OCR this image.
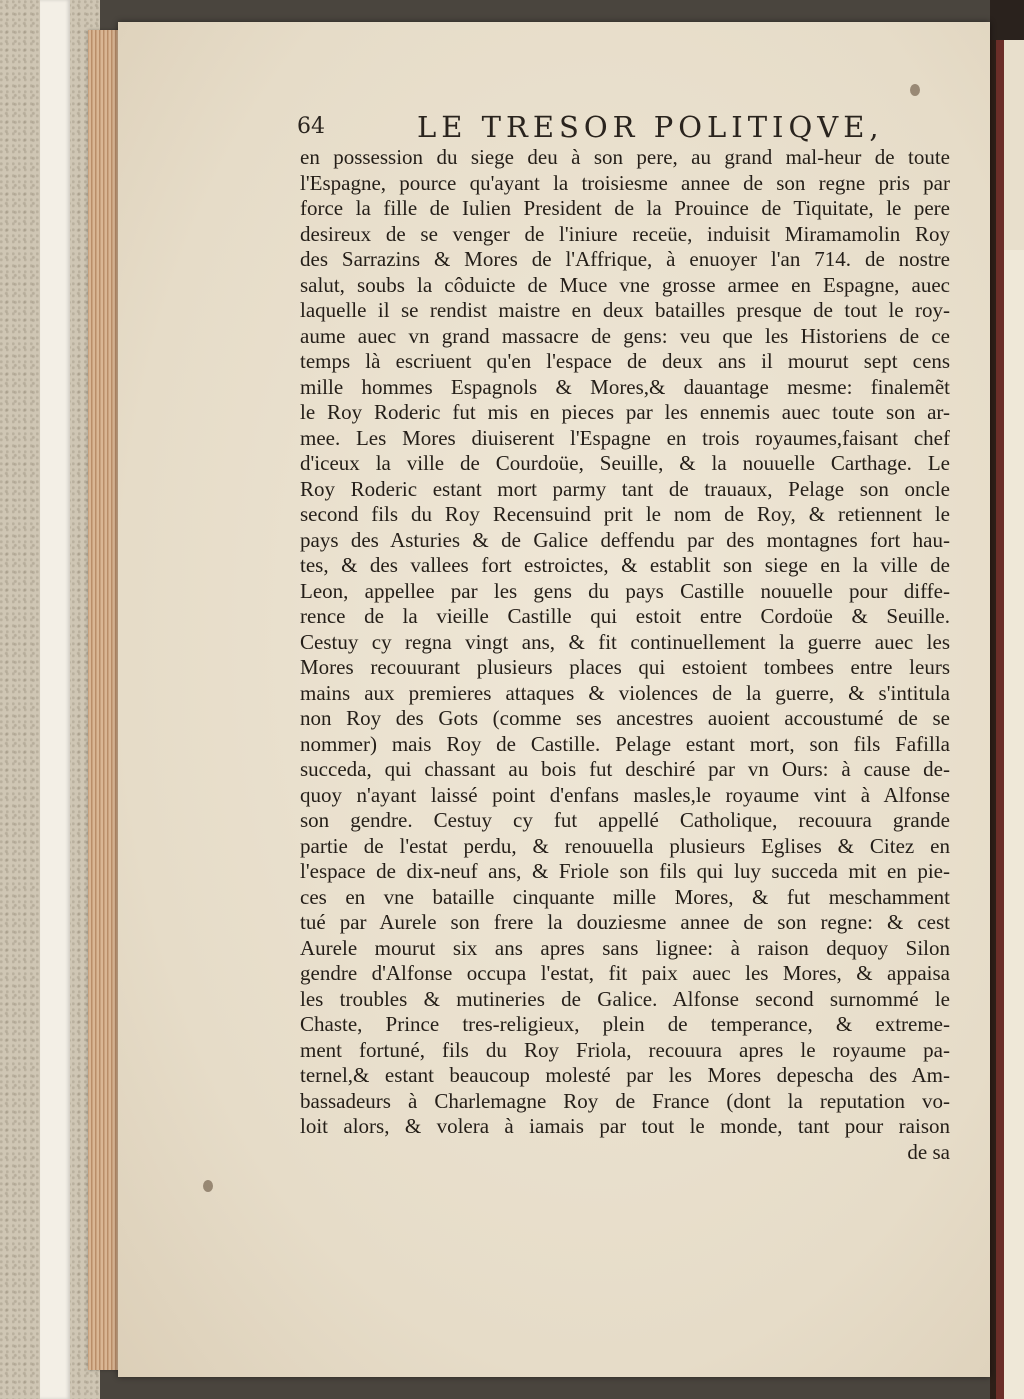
64	LE TRESOR POLITIQVE,
en possession du siege deu à son pere, au grand mal-heur de toute
l'Espagne, pource qu'ayant la troisiesme annee de son regne pris par
force la fille de Iulien President de la Prouince de Tiquitate, le pere
desireux de se venger de l'iniure receüe, induisit Miramamolin Roy
des Sarrazins & Mores de l'Affrique, à enuoyer l'an 714. de nostre
salut, soubs la côduicte de Muce vne grosse armee en Espagne, auec
laquelle il se rendist maistre en deux batailles presque de tout le roy-
aume auec vn grand massacre de gens: veu que les Historiens de ce
temps là escriuent qu'en l'espace de deux ans il mourut sept cens
mille hommes Espagnols & Mores,& dauantage mesme: finalemẽt
le Roy Roderic fut mis en pieces par les ennemis auec toute son ar-
mee. Les Mores diuiserent l'Espagne en trois royaumes,faisant chef
d'iceux la ville de Courdoüe, Seuille, & la nouuelle Carthage. Le
Roy Roderic estant mort parmy tant de trauaux, Pelage son oncle
second fils du Roy Recensuind prit le nom de Roy, & retiennent le
pays des Asturies & de Galice deffendu par des montagnes fort hau-
tes, & des vallees fort estroictes, & establit son siege en la ville de
Leon, appellee par les gens du pays Castille nouuelle pour diffe-
rence de la vieille Castille qui estoit entre Cordoüe & Seuille.
Cestuy cy regna vingt ans, & fit continuellement la guerre auec les
Mores recouurant plusieurs places qui estoient tombees entre leurs
mains aux premieres attaques & violences de la guerre, & s'intitula
non Roy des Gots (comme ses ancestres auoient accoustumé de se
nommer) mais Roy de Castille. Pelage estant mort, son fils Fafilla
succeda, qui chassant au bois fut deschiré par vn Ours: à cause de-
quoy n'ayant laissé point d'enfans masles,le royaume vint à Alfonse
son gendre. Cestuy cy fut appellé Catholique, recouura grande
partie de l'estat perdu, & renouuella plusieurs Eglises & Citez en
l'espace de dix-neuf ans, & Friole son fils qui luy succeda mit en pie-
ces en vne bataille cinquante mille Mores, & fut meschamment
tué par Aurele son frere la douziesme annee de son regne: & cest
Aurele mourut six ans apres sans lignee: à raison dequoy Silon
gendre d'Alfonse occupa l'estat, fit paix auec les Mores, & appaisa
les troubles & mutineries de Galice. Alfonse second surnommé le
Chaste, Prince tres-religieux, plein de temperance, & extreme-
ment fortuné, fils du Roy Friola, recouura apres le royaume pa-
ternel,& estant beaucoup molesté par les Mores depescha des Am-
bassadeurs à Charlemagne Roy de France (dont la reputation vo-
loit alors, & volera à iamais par tout le monde, tant pour raison
de sa
